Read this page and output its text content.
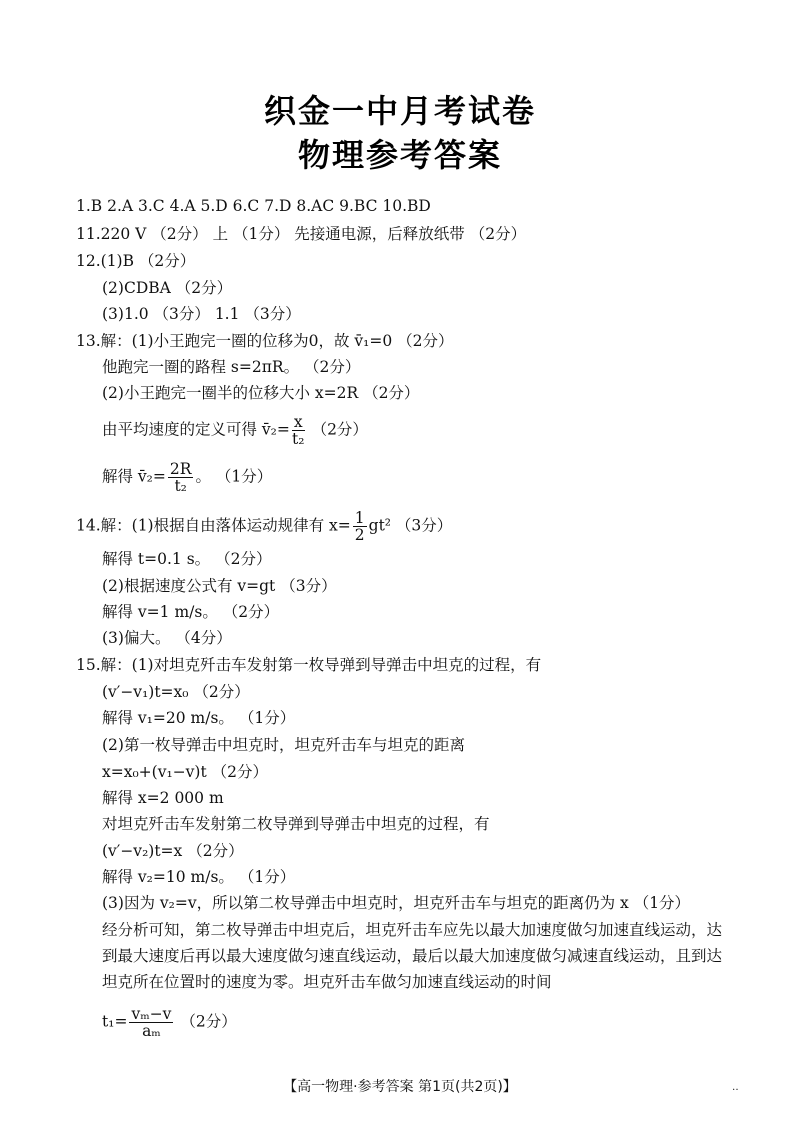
织金一中月考试卷
物理参考答案
1.B 2.A 3.C 4.A 5.D 6.C 7.D 8.AC 9.BC 10.BD
11.220 V （2分） 上 （1分） 先接通电源，后释放纸带 （2分）
12.(1)B （2分）
(2)CDBA （2分）
(3)1.0 （3分） 1.1 （3分）
13.解：(1)小王跑完一圈的位移为0，故 v̄₁=0 （2分）
他跑完一圈的路程 s=2πR。 （2分）
(2)小王跑完一圈半的位移大小 x=2R （2分）
由平均速度的定义可得 v̄₂= $\frac{x}{\text{t₂}} (2$分）
解得 v̄₂= $\frac{2R}{\text{t₂}}$ 。 （1分）
14.解：(1)根据自由落体运动规律有 $x= \frac{1}{2} gt^2$ （3分）
解得 t=0.1 s。 （2分）
(2)根据速度公式有 v=gt （3分）
解得 v=1 m/s。 （2分）
(3)偏大。 （4分）
15.解：(1)对坦克歼击车发射第一枚导弹到导弹击中坦克的过程，有
(v′−v₁)t=x₀ （2分）
解得 v₁=20 m/s。 （1分）
(2)第一枚导弹击中坦克时，坦克歼击车与坦克的距离
x=x₀+(v₁−v)t （2分）
解得 x=2 000 m
对坦克歼击车发射第二枚导弹到导弹击中坦克的过程，有
(v′−v₂)t=x （2分）
解得 v₂=10 m/s。 （1分）
(3)因为 v₂=v，所以第二枚导弹击中坦克时，坦克歼击车与坦克的距离仍为 x （1分）
经分析可知，第二枚导弹击中坦克后，坦克歼击车应先以最大加速度做匀加速直线运动，达
到最大速度后再以最大速度做匀速直线运动，最后以最大加速度做匀减速直线运动，且到达
坦克所在位置时的速度为零。坦克歼击车做匀加速直线运动的时间
$t_1= \frac{\text{vₘ−v}}{\text{aₘ}} (2$分）
【高一物理·参考答案 第1页(共2页)】	‥
